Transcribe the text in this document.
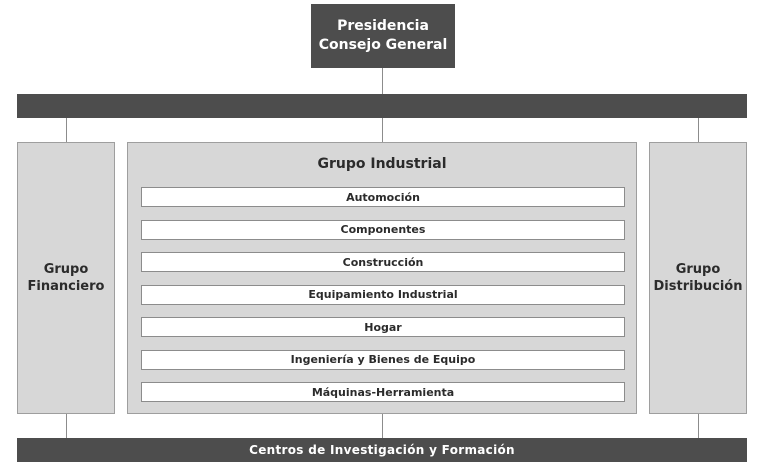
Presidencia
Consejo General
Grupo
Financiero
Grupo Industrial
Automoción
Componentes
Construcción
Equipamiento Industrial
Hogar
Ingeniería y Bienes de Equipo
Máquinas-Herramienta
Grupo
Distribución
Centros de Investigación y Formación
